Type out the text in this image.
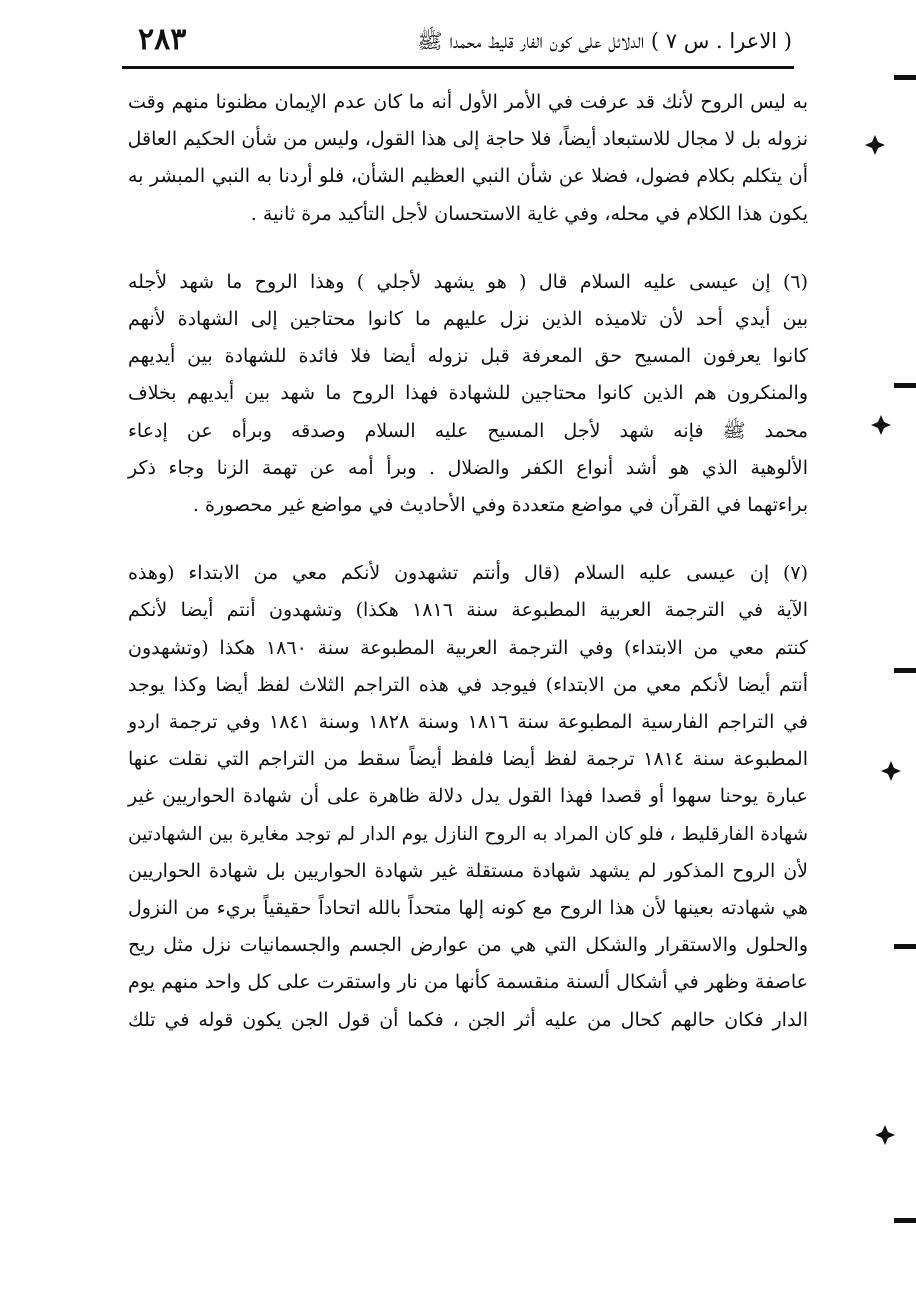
٢٨٣	( الاعرا . س ٧ ) الدلائل على كون الفار قليط محمدا ﷺ
به ليس الروح لأنك قد عرفت في الأمر الأول أنه ما كان عدم الإيمان مظنونا منهم وقت
نزوله بل لا مجال للاستبعاد أيضاً، فلا حاجة إلى هذا القول، وليس من شأن الحكيم العاقل
أن يتكلم بكلام فضول، فضلا عن شأن النبي العظيم الشأن، فلو أردنا به النبي المبشر به
يكون هذا الكلام في محله، وفي غاية الاستحسان لأجل التأكيد مرة ثانية .
(٦) إن عيسى عليه السلام قال ( هو يشهد لأجلي ) وهذا الروح ما شهد لأجله
بين أيدي أحد لأن تلاميذه الذين نزل عليهم ما كانوا محتاجين إلى الشهادة لأنهم
كانوا يعرفون المسيح حق المعرفة قبل نزوله أيضا فلا فائدة للشهادة بين أيديهم
والمنكرون هم الذين كانوا محتاجين للشهادة فهذا الروح ما شهد بين أيديهم بخلاف
محمد ﷺ فإنه شهد لأجل المسيح عليه السلام وصدقه وبرأه عن إدعاء
الألوهية الذي هو أشد أنواع الكفر والضلال . وبرأ أمه عن تهمة الزنا وجاء ذكر
براءتهما في القرآن في مواضع متعددة وفي الأحاديث في مواضع غير محصورة .
(٧) إن عيسى عليه السلام (قال وأنتم تشهدون لأنكم معي من الابتداء (وهذه
الآية في الترجمة العربية المطبوعة سنة ١٨١٦ هكذا) وتشهدون أنتم أيضا لأنكم
كنتم معي من الابتداء) وفي الترجمة العربية المطبوعة سنة ١٨٦٠ هكذا (وتشهدون
أنتم أيضا لأنكم معي من الابتداء) فيوجد في هذه التراجم الثلاث لفظ أيضا وكذا يوجد
في التراجم الفارسية المطبوعة سنة ١٨١٦ وسنة ١٨٢٨ وسنة ١٨٤١ وفي ترجمة اردو
المطبوعة سنة ١٨١٤ ترجمة لفظ أيضا فلفظ أيضاً سقط من التراجم التي نقلت عنها
عبارة يوحنا سهوا أو قصدا فهذا القول يدل دلالة ظاهرة على أن شهادة الحواريين غير
شهادة الفارقليط ، فلو كان المراد به الروح النازل يوم الدار لم توجد مغايرة بين الشهادتين
لأن الروح المذكور لم يشهد شهادة مستقلة غير شهادة الحواريين بل شهادة الحواريين
هي شهادته بعينها لأن هذا الروح مع كونه إلها متحداً بالله اتحاداً حقيقياً بريء من النزول
والحلول والاستقرار والشكل التي هي من عوارض الجسم والجسمانيات نزل مثل ريح
عاصفة وظهر في أشكال ألسنة منقسمة كأنها من نار واستقرت على كل واحد منهم يوم
الدار فكان حالهم كحال من عليه أثر الجن ، فكما أن قول الجن يكون قوله في تلك
